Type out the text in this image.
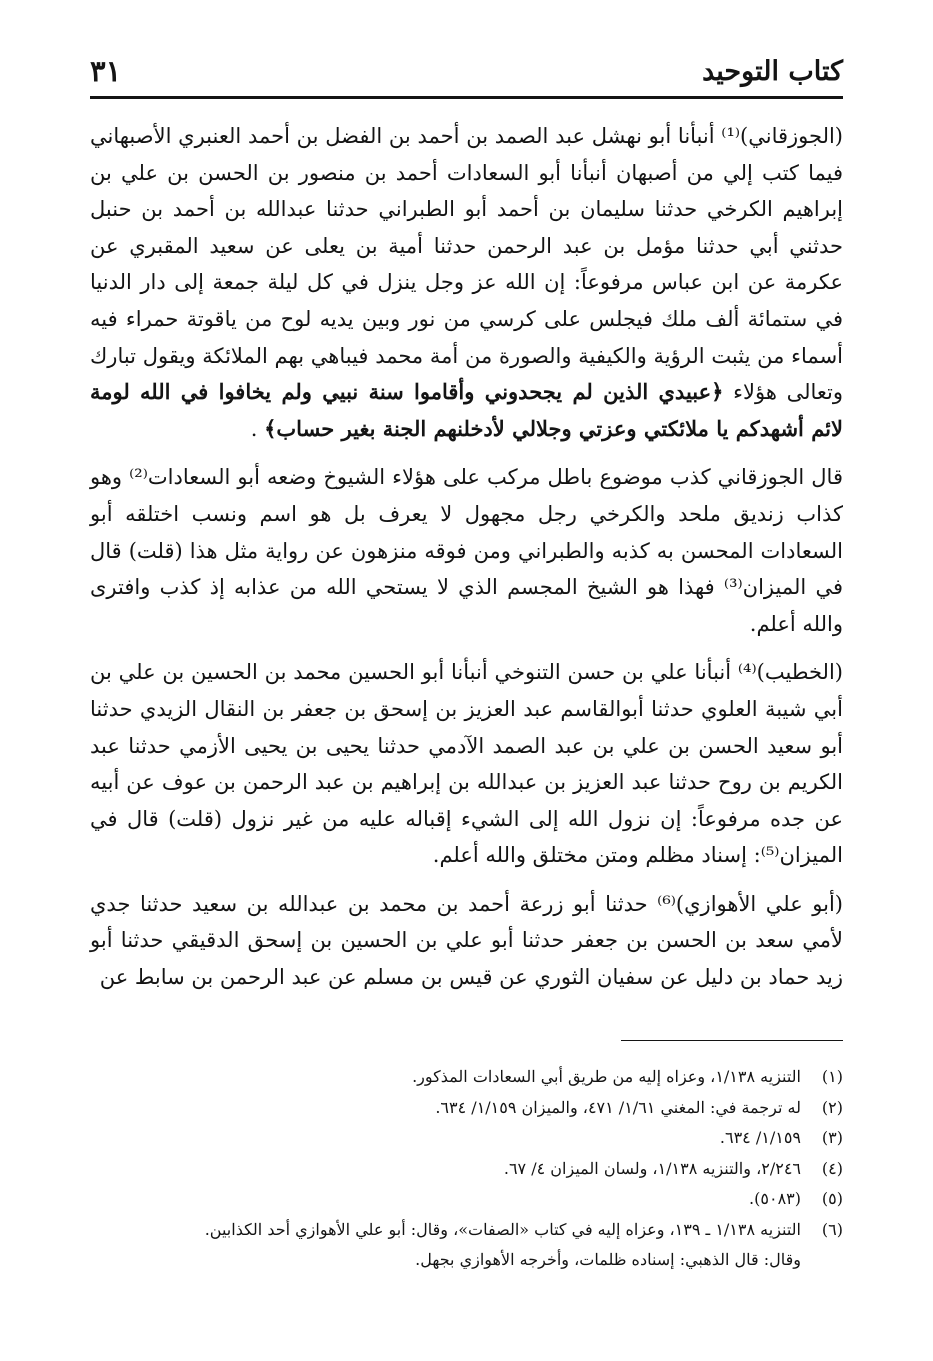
كتاب التوحيد
٣١

(الجوزقاني)⁽¹⁾ أنبأنا أبو نهشل عبد الصمد بن أحمد بن الفضل بن أحمد العنبري الأصبهاني فيما كتب إلي من أصبهان أنبأنا أبو السعادات أحمد بن منصور بن الحسن بن علي بن إبراهيم الكرخي حدثنا سليمان بن أحمد أبو الطبراني حدثنا عبدالله بن أحمد بن حنبل حدثني أبي حدثنا مؤمل بن عبد الرحمن حدثنا أمية بن يعلى عن سعيد المقبري عن عكرمة عن ابن عباس مرفوعاً: إن الله عز وجل ينزل في كل ليلة جمعة إلى دار الدنيا في ستمائة ألف ملك فيجلس على كرسي من نور وبين يديه لوح من ياقوتة حمراء فيه أسماء من يثبت الرؤية والكيفية والصورة من أمة محمد فيباهي بهم الملائكة ويقول تبارك وتعالى هؤلاء ﴿عبيدي الذين لم يجحدوني وأقاموا سنة نبيي ولم يخافوا في الله لومة لائم أشهدكم يا ملائكتي وعزتي وجلالي لأدخلنهم الجنة بغير حساب﴾ .

قال الجوزقاني كذب موضوع باطل مركب على هؤلاء الشيوخ وضعه أبو السعادات⁽²⁾ وهو كذاب زنديق ملحد والكرخي رجل مجهول لا يعرف بل هو اسم ونسب اختلقه أبو السعادات المحسن به كذبه والطبراني ومن فوقه منزهون عن رواية مثل هذا (قلت) قال في الميزان⁽³⁾ فهذا هو الشيخ المجسم الذي لا يستحي الله من عذابه إذ كذب وافترى والله أعلم.

(الخطيب)⁽⁴⁾ أنبأنا علي بن حسن التنوخي أنبأنا أبو الحسين محمد بن الحسين بن علي بن أبي شيبة العلوي حدثنا أبوالقاسم عبد العزيز بن إسحق بن جعفر بن النقال الزيدي حدثنا أبو سعيد الحسن بن علي بن عبد الصمد الآدمي حدثنا يحيى بن يحيى الأزمي حدثنا عبد الكريم بن روح حدثنا عبد العزيز بن عبدالله بن إبراهيم بن عبد الرحمن بن عوف عن أبيه عن جده مرفوعاً: إن نزول الله إلى الشيء إقباله عليه من غير نزول (قلت) قال في الميزان⁽⁵⁾: إسناد مظلم ومتن مختلق والله أعلم.

(أبو علي الأهوازي)⁽⁶⁾ حدثنا أبو زرعة أحمد بن محمد بن عبدالله بن سعيد حدثنا جدي لأمي سعد بن الحسن بن جعفر حدثنا أبو علي بن الحسين بن إسحق الدقيقي حدثنا أبو زيد حماد بن دليل عن سفيان الثوري عن قيس بن مسلم عن عبد الرحمن بن سابط عن

(١)
التنزيه ١/١٣٨، وعزاه إليه من طريق أبي السعادات المذكور.
(٢)
له ترجمة في: المغني ١/٦١/ ٤٧١، والميزان ١/١٥٩/ ٦٣٤.
(٣)
١/١٥٩/ ٦٣٤.
(٤)
٢/٢٤٦، والتنزيه ١/١٣٨، ولسان الميزان ٤/ ٦٧.
(٥)
(٥٠٨٣).
(٦)
التنزيه ١/١٣٨ ـ ١٣٩، وعزاه إليه في كتاب «الصفات»، وقال: أبو علي الأهوازي أحد الكذابين.
وقال: قال الذهبي: إسناده ظلمات، وأخرجه الأهوازي بجهل.
